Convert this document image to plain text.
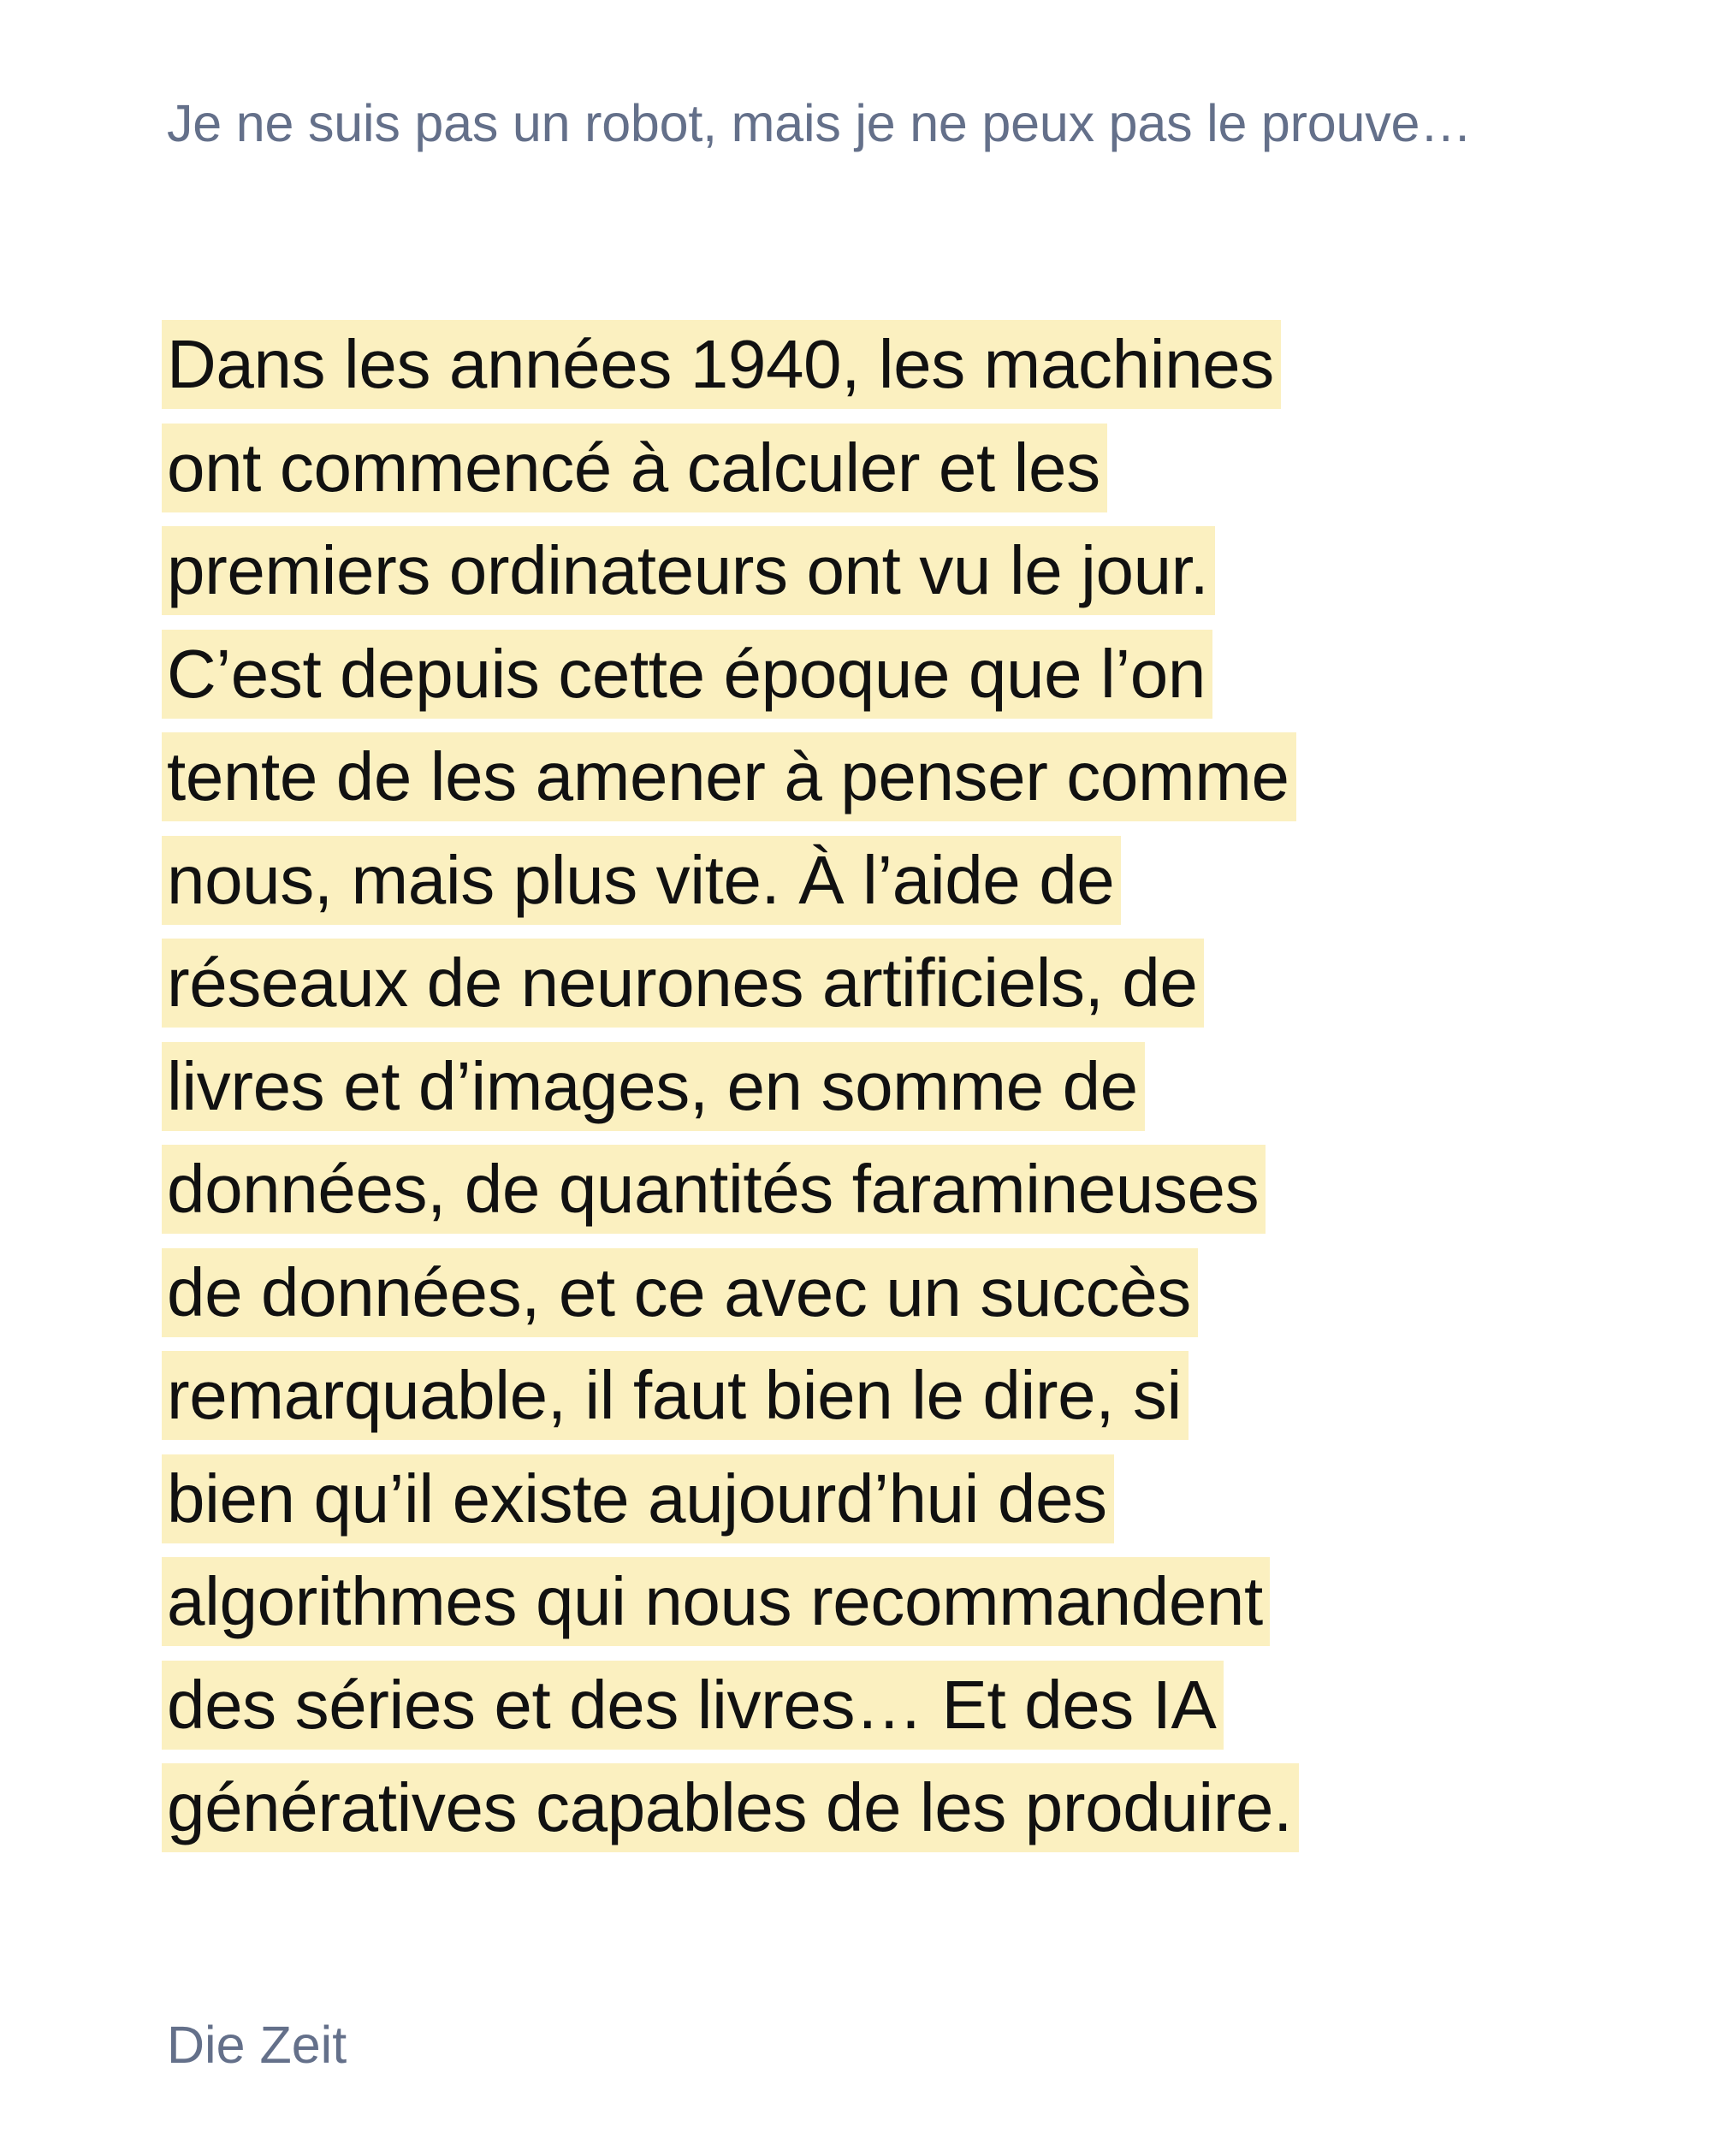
Je ne suis pas un robot, mais je ne peux pas le prouve…
Dans les années 1940, les machines
ont commencé à calculer et les
premiers ordinateurs ont vu le jour.
C’est depuis cette époque que l’on
tente de les amener à penser comme
nous, mais plus vite. À l’aide de
réseaux de neurones artificiels, de
livres et d’images, en somme de
données, de quantités faramineuses
de données, et ce avec un succès
remarquable, il faut bien le dire, si
bien qu’il existe aujourd’hui des
algorithmes qui nous recommandent
des séries et des livres… Et des IA
génératives capables de les produire.
Die Zeit
